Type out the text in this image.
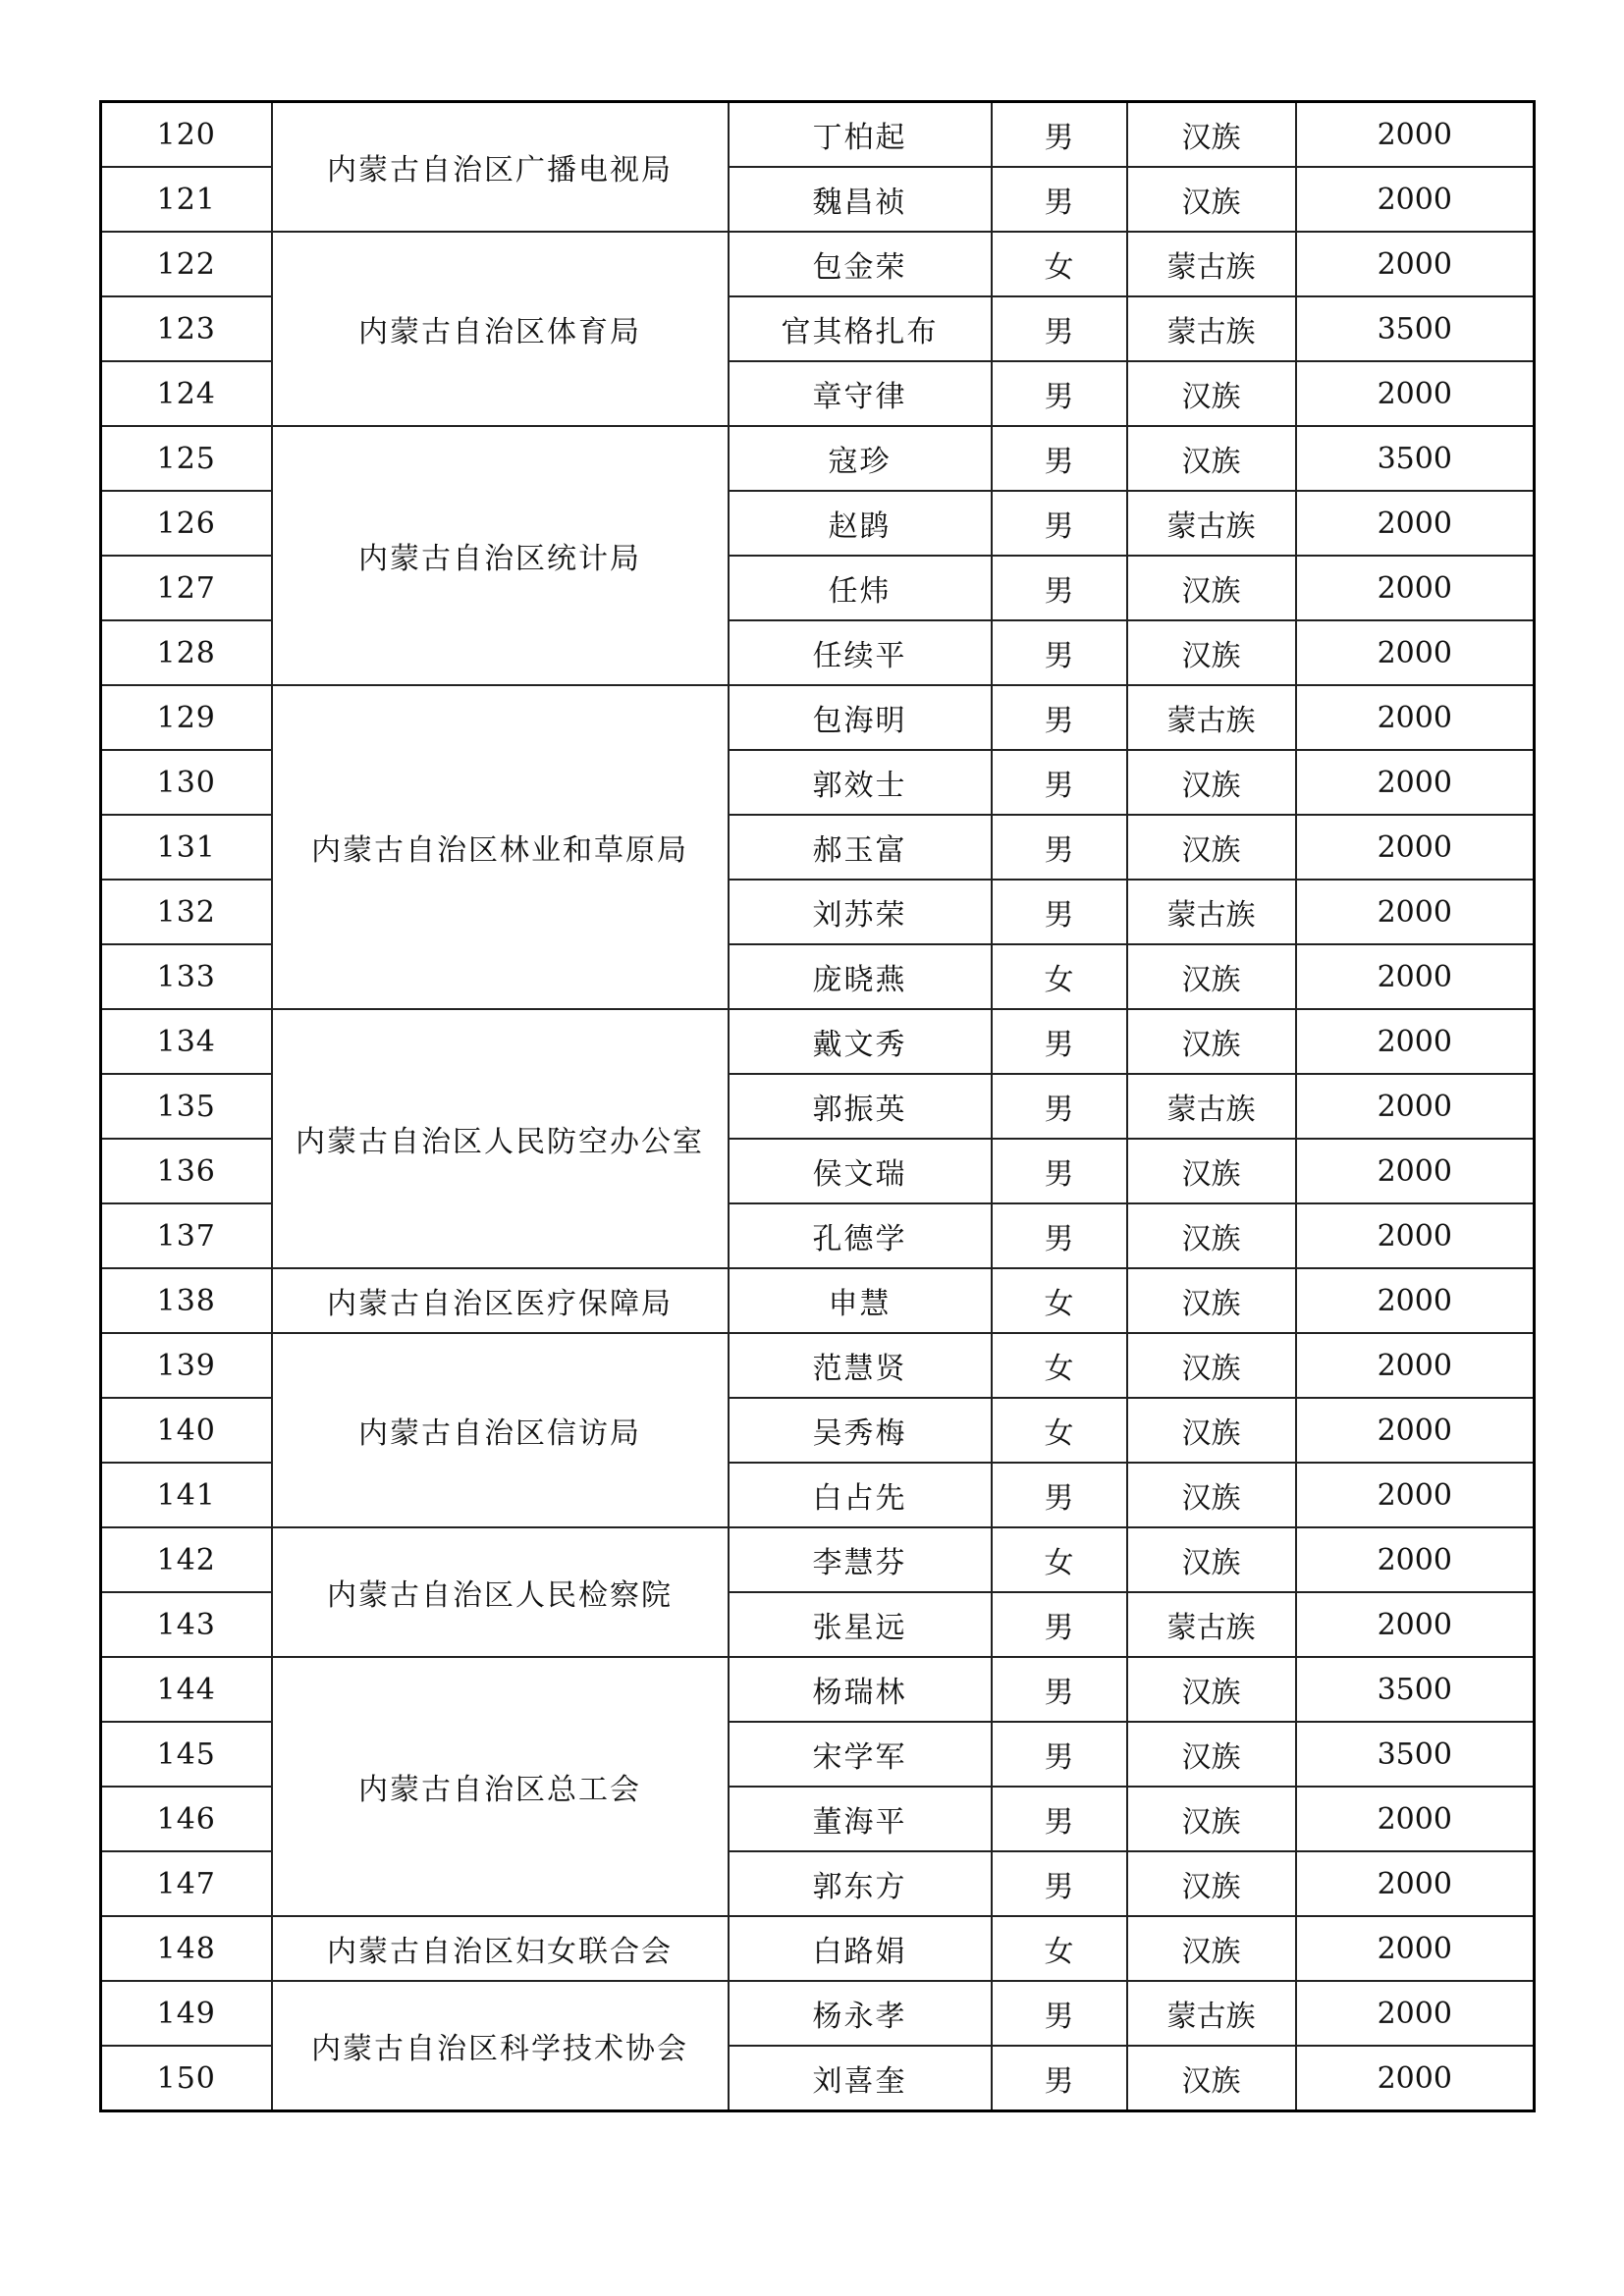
120	内蒙古自治区广播电视局	丁柏起	男	汉族	2000
121		魏昌祯	男	汉族	2000
122	内蒙古自治区体育局	包金荣	女	蒙古族	2000
123		官其格扎布	男	蒙古族	3500
124		章守律	男	汉族	2000
125	内蒙古自治区统计局	寇珍	男	汉族	3500
126		赵鹍	男	蒙古族	2000
127		任炜	男	汉族	2000
128		任续平	男	汉族	2000
129	内蒙古自治区林业和草原局	包海明	男	蒙古族	2000
130		郭效士	男	汉族	2000
131		郝玉富	男	汉族	2000
132		刘苏荣	男	蒙古族	2000
133		庞晓燕	女	汉族	2000
134	内蒙古自治区人民防空办公室	戴文秀	男	汉族	2000
135		郭振英	男	蒙古族	2000
136		侯文瑞	男	汉族	2000
137		孔德学	男	汉族	2000
138	内蒙古自治区医疗保障局	申慧	女	汉族	2000
139	内蒙古自治区信访局	范慧贤	女	汉族	2000
140		吴秀梅	女	汉族	2000
141		白占先	男	汉族	2000
142	内蒙古自治区人民检察院	李慧芬	女	汉族	2000
143		张星远	男	蒙古族	2000
144	内蒙古自治区总工会	杨瑞林	男	汉族	3500
145		宋学军	男	汉族	3500
146		董海平	男	汉族	2000
147		郭东方	男	汉族	2000
148	内蒙古自治区妇女联合会	白路娟	女	汉族	2000
149	内蒙古自治区科学技术协会	杨永孝	男	蒙古族	2000
150		刘喜奎	男	汉族	2000
